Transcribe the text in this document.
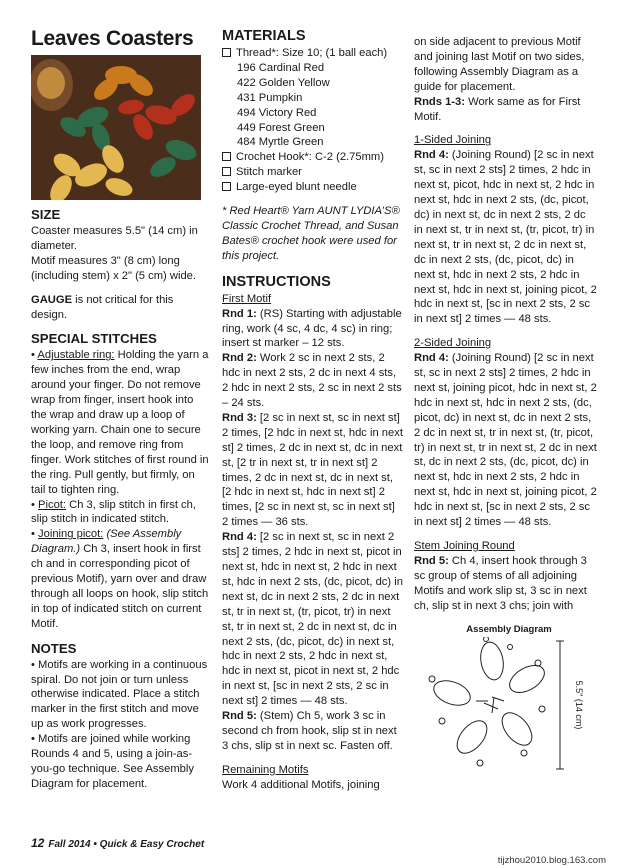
Leaves Coasters
SIZE
Coaster measures 5.5" (14 cm) in diameter.
Motif measures 3" (8 cm) long (including stem) x 2" (5 cm) wide.
GAUGE is not critical for this design.
SPECIAL STITCHES
• Adjustable ring: Holding the yarn a few inches from the end, wrap around your finger. Do not remove wrap from finger, insert hook into the wrap and draw up a loop of working yarn. Chain one to secure the loop, and remove ring from finger. Work stitches of first round in the ring. Pull gently, but firmly, on tail to tighten ring.
• Picot: Ch 3, slip stitch in first ch, slip stitch in indicated stitch.
• Joining picot: (See Assembly Diagram.) Ch 3, insert hook in first ch and in corresponding picot of previous Motif), yarn over and draw through all loops on hook, slip stitch in top of indicated stitch on current Motif.
NOTES
• Motifs are working in a continuous spiral. Do not join or turn unless otherwise indicated. Place a stitch marker in the first stitch and move up as work progresses.
• Motifs are joined while working Rounds 4 and 5, using a join-as-you-go technique. See Assembly Diagram for placement.
MATERIALS
Thread*: Size 10; (1 ball each)
196 Cardinal Red
422 Golden Yellow
431 Pumpkin
494 Victory Red
449 Forest Green
484 Myrtle Green
Crochet Hook*: C-2 (2.75mm)
Stitch marker
Large-eyed blunt needle
* Red Heart® Yarn AUNT LYDIA’S® Classic Crochet Thread, and Susan Bates® crochet hook were used for this project.
INSTRUCTIONS
First Motif
Rnd 1: (RS) Starting with adjustable ring, work (4 sc, 4 dc, 4 sc) in ring; insert st marker – 12 sts.
Rnd 2: Work 2 sc in next 2 sts, 2 hdc in next 2 sts, 2 dc in next 4 sts, 2 hdc in next 2 sts, 2 sc in next 2 sts – 24 sts.
Rnd 3: [2 sc in next st, sc in next st] 2 times, [2 hdc in next st, hdc in next st] 2 times, 2 dc in next st, dc in next st, [2 tr in next st, tr in next st] 2 times, 2 dc in next st, dc in next st, [2 hdc in next st, hdc in next st] 2 times, [2 sc in next st, sc in next st] 2 times — 36 sts.
Rnd 4: [2 sc in next st, sc in next 2 sts] 2 times, 2 hdc in next st, picot in next st, hdc in next st, 2 hdc in next st, hdc in next 2 sts, (dc, picot, dc) in next st, dc in next 2 sts, 2 dc in next st, tr in next st, (tr, picot, tr) in next st, tr in next st, 2 dc in next st, dc in next 2 sts, (dc, picot, dc) in next st, hdc in next 2 sts, 2 hdc in next st, hdc in next st, picot in next st, 2 hdc in next st, [sc in next 2 sts, 2 sc in next st] 2 times — 48 sts.
Rnd 5: (Stem) Ch 5, work 3 sc in second ch from hook, slip st in next 3 chs, slip st in next sc. Fasten off.
Remaining Motifs
Work 4 additional Motifs, joining
on side adjacent to previous Motif and joining last Motif on two sides, following Assembly Diagram as a guide for placement.
Rnds 1-3: Work same as for First Motif.
1-Sided Joining
Rnd 4: (Joining Round) [2 sc in next st, sc in next 2 sts] 2 times, 2 hdc in next st, picot, hdc in next st, 2 hdc in next st, hdc in next 2 sts, (dc, picot, dc) in next st, dc in next 2 sts, 2 dc in next st, tr in next st, (tr, picot, tr) in next st, tr in next st, 2 dc in next st, dc in next 2 sts, (dc, picot, dc) in next st, hdc in next 2 sts, 2 hdc in next st, hdc in next st, joining picot, 2 hdc in next st, [sc in next 2 sts, 2 sc in next st] 2 times — 48 sts.
2-Sided Joining
Rnd 4: (Joining Round) [2 sc in next st, sc in next 2 sts] 2 times, 2 hdc in next st, joining picot, hdc in next st, 2 hdc in next st, hdc in next 2 sts, (dc, picot, dc) in next st, dc in next 2 sts, 2 dc in next st, tr in next st, (tr, picot, tr) in next st, tr in next st, 2 dc in next st, dc in next 2 sts, (dc, picot, dc) in next st, hdc in next 2 sts, 2 hdc in next st, hdc in next st, joining picot, 2 hdc in next st, [sc in next 2 sts, 2 sc in next st] 2 times — 48 sts.
Stem Joining Round
Rnd 5: Ch 4, insert hook through 3 sc group of stems of all adjoining Motifs and work slip st, 3 sc in next ch, slip st in next 3 chs; join with
Assembly Diagram
5.5" (14 cm)
12 Fall 2014 • Quick & Easy Crochet
tijzhou2010.blog.163.com
